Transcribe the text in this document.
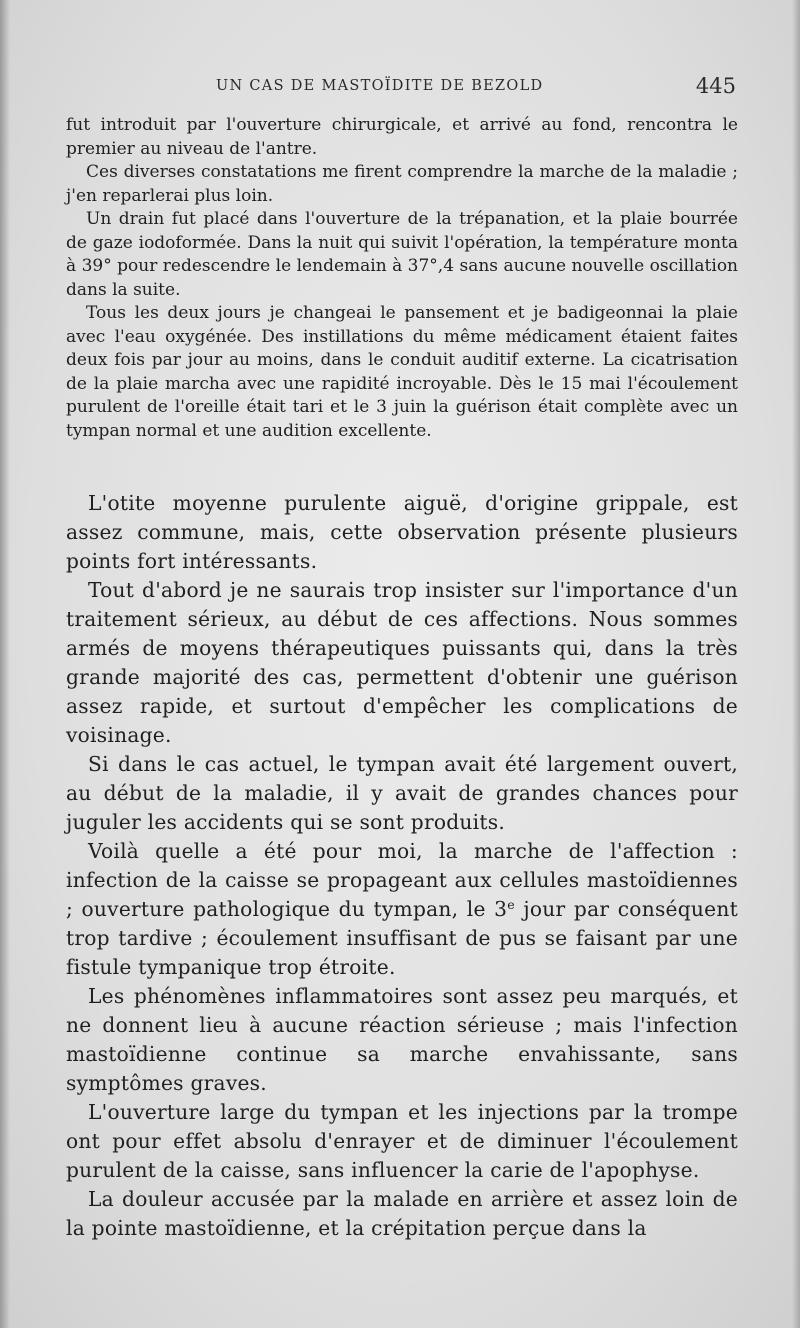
UN CAS DE MASTOÏDITE DE BEZOLD	445

fut introduit par l'ouverture chirurgicale, et arrivé au fond, rencontra le premier au niveau de l'antre.

Ces diverses constatations me firent comprendre la marche de la maladie ; j'en reparlerai plus loin.

Un drain fut placé dans l'ouverture de la trépanation, et la plaie bourrée de gaze iodoformée. Dans la nuit qui suivit l'opération, la température monta à 39° pour redescendre le lendemain à 37°,4 sans aucune nouvelle oscillation dans la suite.

Tous les deux jours je changeai le pansement et je badigeonnai la plaie avec l'eau oxygénée. Des instillations du même médicament étaient faites deux fois par jour au moins, dans le conduit auditif externe. La cicatrisation de la plaie marcha avec une rapidité incroyable. Dès le 15 mai l'écoulement purulent de l'oreille était tari et le 3 juin la guérison était complète avec un tympan normal et une audition excellente.

L'otite moyenne purulente aiguë, d'origine grippale, est assez commune, mais, cette observation présente plusieurs points fort intéressants.

Tout d'abord je ne saurais trop insister sur l'importance d'un traitement sérieux, au début de ces affections. Nous sommes armés de moyens thérapeutiques puissants qui, dans la très grande majorité des cas, permettent d'obtenir une guérison assez rapide, et surtout d'empêcher les complications de voisinage.

Si dans le cas actuel, le tympan avait été largement ouvert, au début de la maladie, il y avait de grandes chances pour juguler les accidents qui se sont produits.

Voilà quelle a été pour moi, la marche de l'affection : infection de la caisse se propageant aux cellules mastoïdiennes ; ouverture pathologique du tympan, le 3e jour par conséquent trop tardive ; écoulement insuffisant de pus se faisant par une fistule tympanique trop étroite.

Les phénomènes inflammatoires sont assez peu marqués, et ne donnent lieu à aucune réaction sérieuse ; mais l'infection mastoïdienne continue sa marche envahissante, sans symptômes graves.

L'ouverture large du tympan et les injections par la trompe ont pour effet absolu d'enrayer et de diminuer l'écoulement purulent de la caisse, sans influencer la carie de l'apophyse.

La douleur accusée par la malade en arrière et assez loin de la pointe mastoïdienne, et la crépitation perçue dans la
